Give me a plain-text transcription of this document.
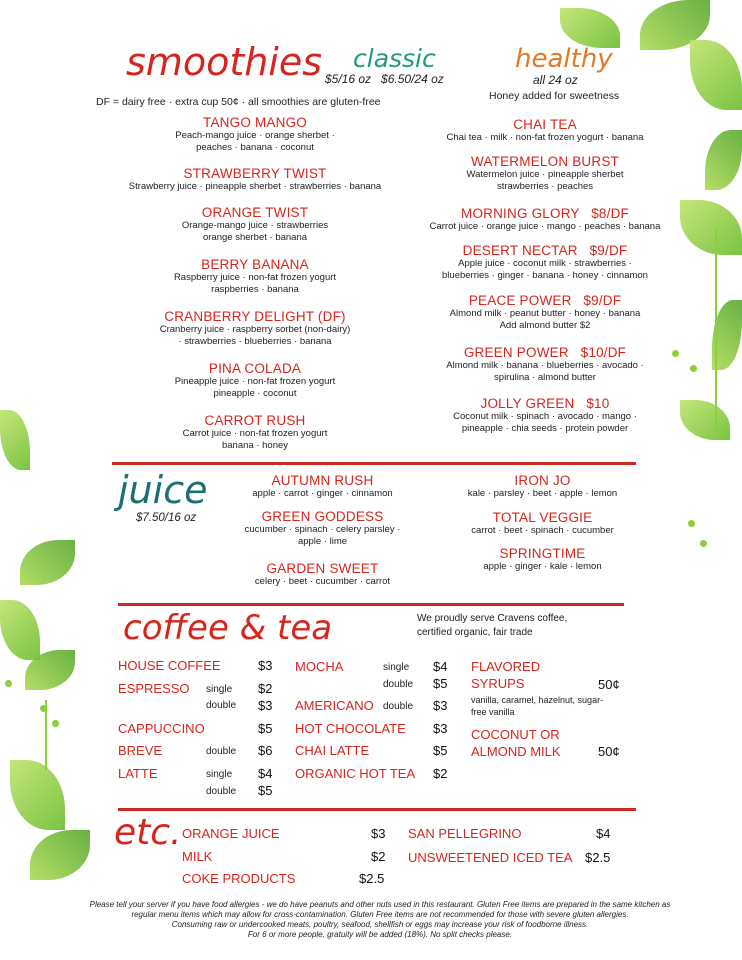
smoothies classic
$5/16 oz   $6.50/24 oz
healthy
all 24 oz
Honey added for sweetness
DF = dairy free · extra cup 50¢ · all smoothies are gluten-free
TANGO MANGO
Peach-mango juice · orange sherbet ·
peaches · banana · coconut
STRAWBERRY TWIST
Strawberry juice · pineapple sherbet · strawberries · banana
ORANGE TWIST
Orange-mango juice · strawberries
orange sherbet · banana
BERRY BANANA
Raspberry juice · non-fat frozen yogurt
raspberries · banana
CRANBERRY DELIGHT (DF)
Cranberry juice · raspberry sorbet (non-dairy)
· strawberries · blueberries · banana
PINA COLADA
Pineapple juice · non-fat frozen yogurt
pineapple · coconut
CARROT RUSH
Carrot juice · non-fat frozen yogurt
banana · honey
CHAI TEA
Chai tea · milk · non-fat frozen yogurt · banana
WATERMELON BURST
Watermelon juice · pineapple sherbet
strawberries · peaches
MORNING GLORY   $8/DF
Carrot juice · orange juice · mango · peaches · banana
DESERT NECTAR   $9/DF
Apple juice · coconut milk · strawberries ·
blueberries · ginger · banana · honey · cinnamon
PEACE POWER   $9/DF
Almond milk · peanut butter · honey · banana
Add almond butter $2
GREEN POWER   $10/DF
Almond milk · banana · blueberries · avocado ·
spirulina · almond butter
JOLLY GREEN   $10
Coconut milk · spinach · avocado · mango ·
pineapple · chia seeds · protein powder
juice
$7.50/16 oz
AUTUMN RUSH
apple · carrot · ginger · cinnamon
GREEN GODDESS
cucumber · spinach · celery parsley ·
apple · lime
GARDEN SWEET
celery · beet · cucumber · carrot
IRON JO
kale · parsley · beet · apple · lemon
TOTAL VEGGIE
carrot · beet · spinach · cucumber
SPRINGTIME
apple · ginger · kale · lemon
coffee & tea	We proudly serve Cravens coffee,
certified organic, fair trade
HOUSE COFFEE	$3
ESPRESSO single $2
double $3
CAPPUCCINO	$5
BREVE	double $6
LATTE	single $4
double $5
MOCHA	single $4
double $5
AMERICANO double $3
HOT CHOCOLATE $3
CHAI LATTE	$5
ORGANIC HOT TEA $2
FLAVORED
SYRUPS	50¢
vanilla, caramel, hazelnut, sugar-
free vanilla
COCONUT OR
ALMOND MILK	50¢
etc. ORANGE JUICE	$3
MILK	$2
COKE PRODUCTS	$2.5
SAN PELLEGRINO	$4
UNSWEETENED ICED TEA $2.5
Please tell your server if you have food allergies - we do have peanuts and other nuts used in this restaurant. Gluten Free items are prepared in the same kitchen as
regular menu items which may allow for cross-contamination. Gluten Free items are not recommended for those with severe gluten allergies.
Consuming raw or undercooked meats, poultry, seafood, shellfish or eggs may increase your risk of foodborne illness.
For 6 or more people, gratuity will be added (18%). No split checks please.
